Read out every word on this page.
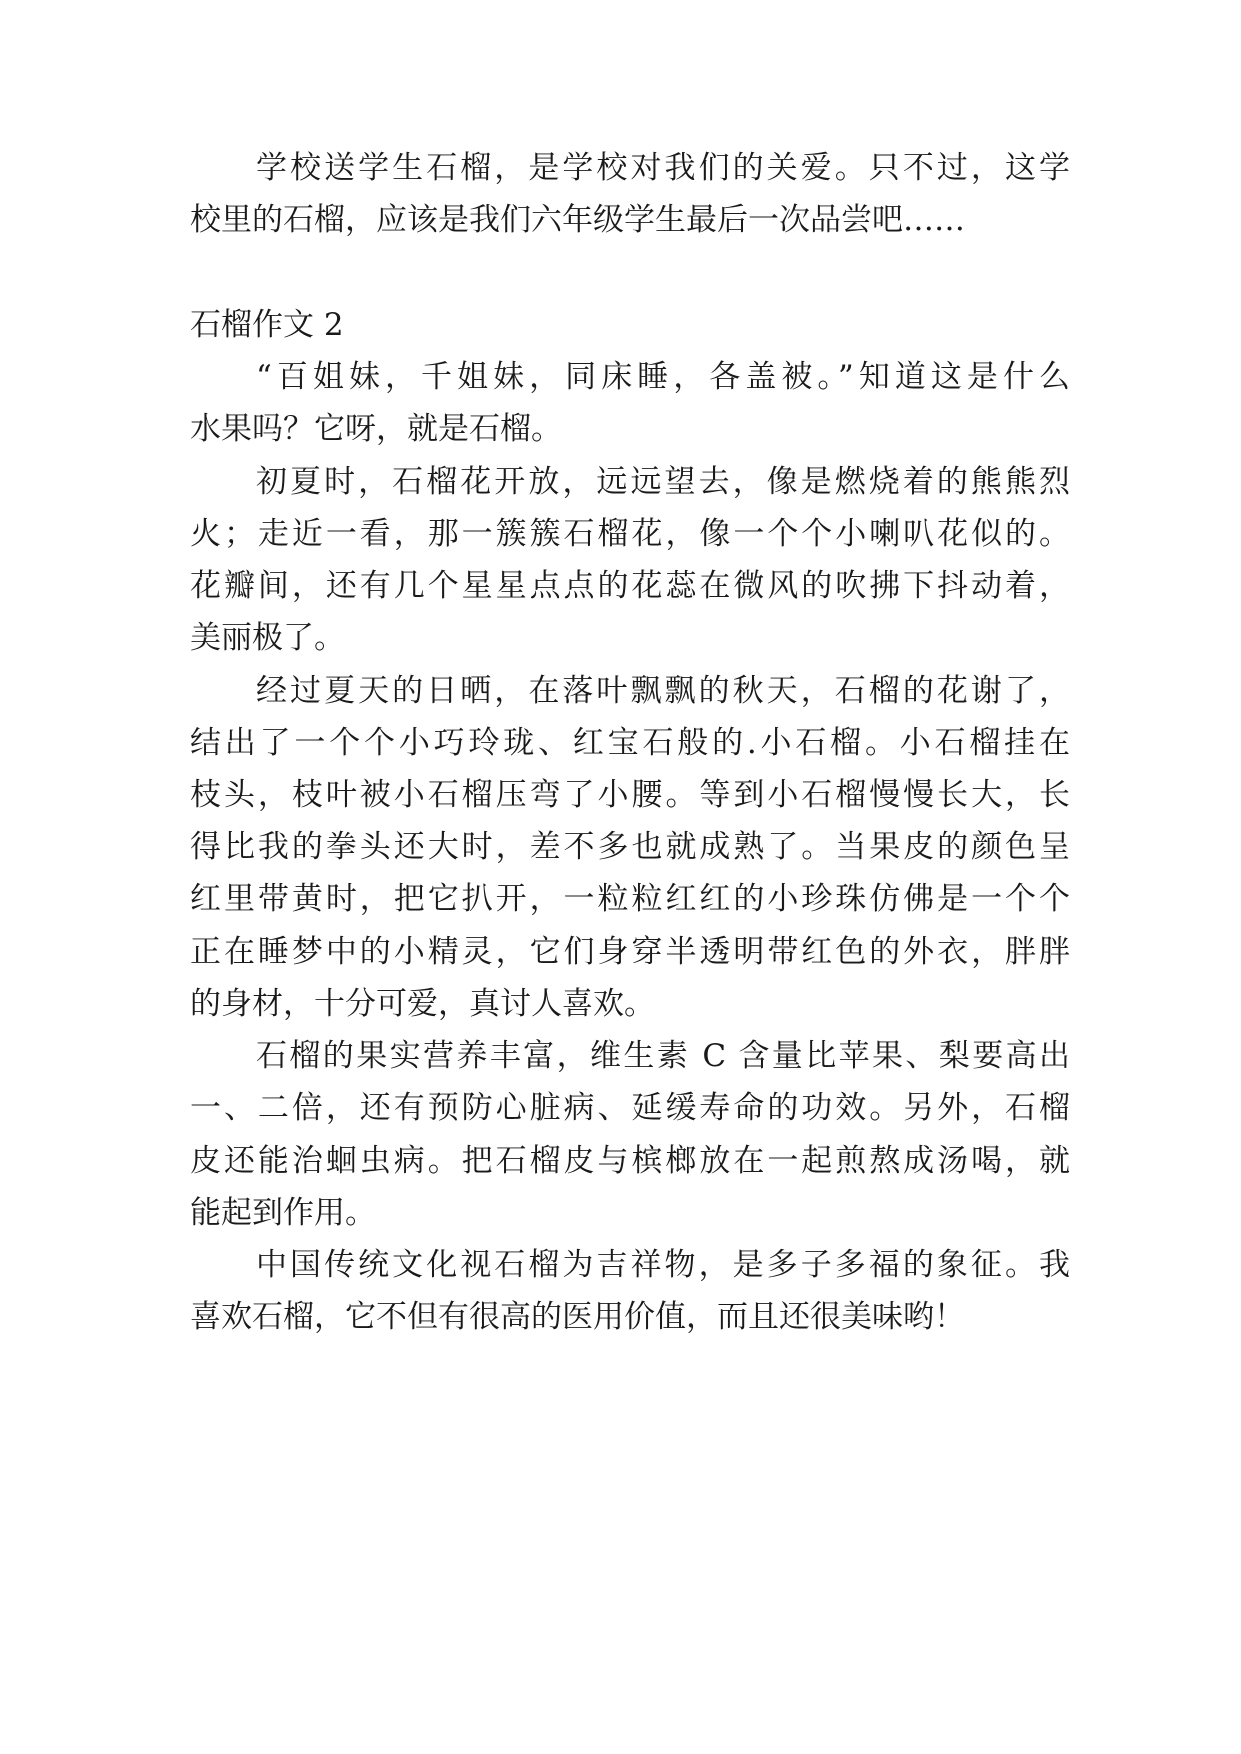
学校送学生石榴，是学校对我们的关爱。只不过，这学
校里的石榴，应该是我们六年级学生最后一次品尝吧……
石榴作文 2
“百姐妹，千姐妹，同床睡，各盖被。”知道这是什么
水果吗？它呀，就是石榴。
初夏时，石榴花开放，远远望去，像是燃烧着的熊熊烈
火；走近一看，那一簇簇石榴花，像一个个小喇叭花似的。
花瓣间，还有几个星星点点的花蕊在微风的吹拂下抖动着，
美丽极了。
经过夏天的日晒，在落叶飘飘的秋天，石榴的花谢了，
结出了一个个小巧玲珑、红宝石般的.小石榴。小石榴挂在
枝头，枝叶被小石榴压弯了小腰。等到小石榴慢慢长大，长
得比我的拳头还大时，差不多也就成熟了。当果皮的颜色呈
红里带黄时，把它扒开，一粒粒红红的小珍珠仿佛是一个个
正在睡梦中的小精灵，它们身穿半透明带红色的外衣，胖胖
的身材，十分可爱，真讨人喜欢。
石榴的果实营养丰富，维生素 C 含量比苹果、梨要高出
一、二倍，还有预防心脏病、延缓寿命的功效。另外，石榴
皮还能治蛔虫病。把石榴皮与槟榔放在一起煎熬成汤喝，就
能起到作用。
中国传统文化视石榴为吉祥物，是多子多福的象征。我
喜欢石榴，它不但有很高的医用价值，而且还很美味哟！
